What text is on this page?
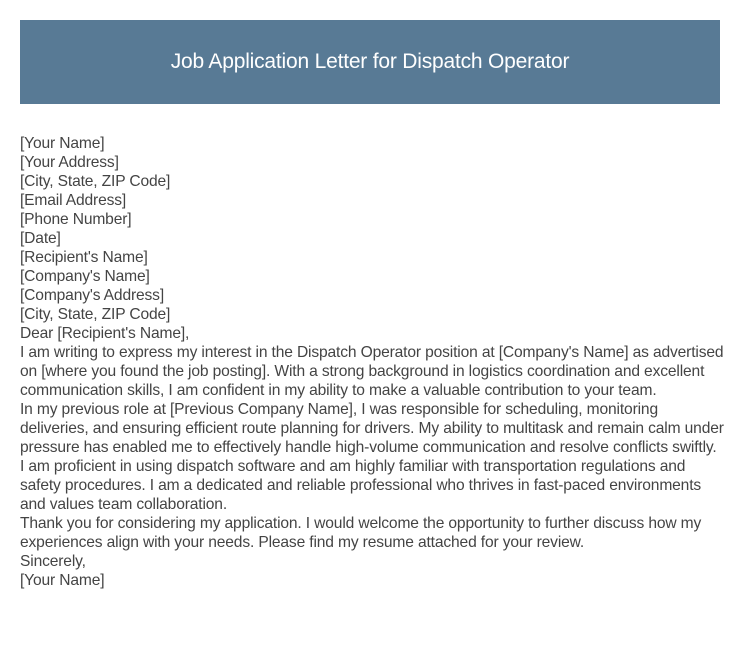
Job Application Letter for Dispatch Operator
[Your Name]
[Your Address]
[City, State, ZIP Code]
[Email Address]
[Phone Number]
[Date]
[Recipient's Name]
[Company's Name]
[Company's Address]
[City, State, ZIP Code]
Dear [Recipient's Name],

I am writing to express my interest in the Dispatch Operator position at [Company's Name] as advertised on [where you found the job posting]. With a strong background in logistics coordination and excellent communication skills, I am confident in my ability to make a valuable contribution to your team.

In my previous role at [Previous Company Name], I was responsible for scheduling, monitoring deliveries, and ensuring efficient route planning for drivers. My ability to multitask and remain calm under pressure has enabled me to effectively handle high-volume communication and resolve conflicts swiftly.

I am proficient in using dispatch software and am highly familiar with transportation regulations and safety procedures. I am a dedicated and reliable professional who thrives in fast-paced environments and values team collaboration.

Thank you for considering my application. I would welcome the opportunity to further discuss how my experiences align with your needs. Please find my resume attached for your review.

Sincerely,
[Your Name]
